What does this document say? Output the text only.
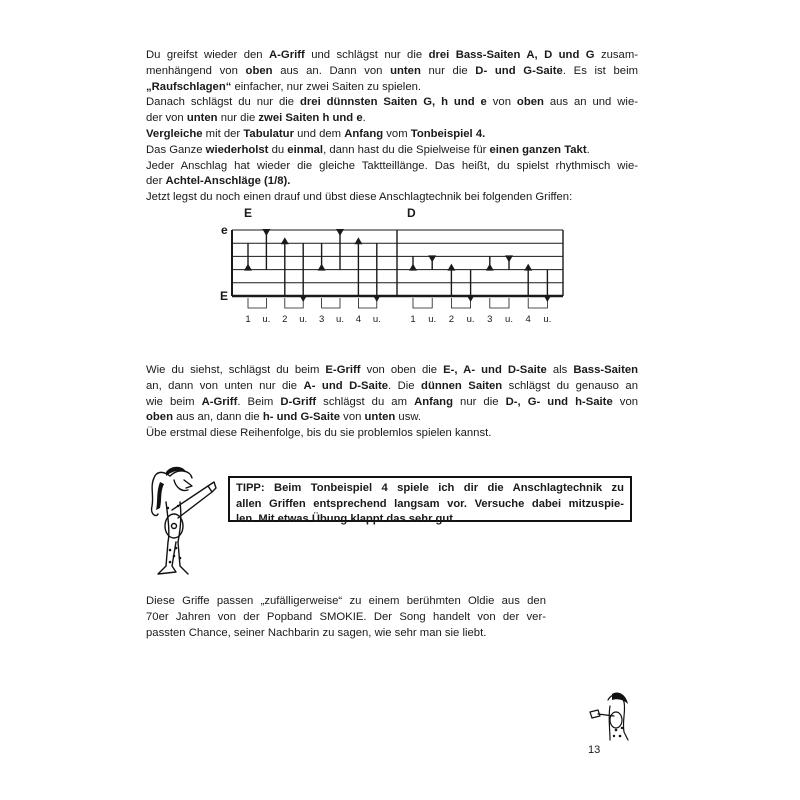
Du greifst wieder den A-Griff und schlägst nur die drei Bass-Saiten A, D und G zusam-

menhängend von oben aus an. Dann von unten nur die D- und G-Saite. Es ist beim

„Raufschlagen“ einfacher, nur zwei Saiten zu spielen.

Danach schlägst du nur die drei dünnsten Saiten G, h und e von oben aus an und wie-

der von unten nur die zwei Saiten h und e.

Vergleiche mit der Tabulatur und dem Anfang vom Tonbeispiel 4.

Das Ganze wiederholst du einmal, dann hast du die Spielweise für einen ganzen Takt.

Jeder Anschlag hat wieder die gleiche Taktteillänge. Das heißt, du spielst rhythmisch wie-

der Achtel-Anschläge (1/8).

Jetzt legst du noch einen drauf und übst diese Anschlagtechnik bei folgenden Griffen:

e
E
E
1 u. 2 u. 3 u. 4 u.
D
1 u. 2 u. 3 u. 4 u.

Wie du siehst, schlägst du beim E-Griff von oben die E-, A- und D-Saite als Bass-Saiten

an, dann von unten nur die A- und D-Saite. Die dünnen Saiten schlägst du genauso an

wie beim A-Griff. Beim D-Griff schlägst du am Anfang nur die D-, G- und h-Saite von

oben aus an, dann die h- und G-Saite von unten usw.

Übe erstmal diese Reihenfolge, bis du sie problemlos spielen kannst.

TIPP: Beim Tonbeispiel 4 spiele ich dir die Anschlagtechnik zu

allen Griffen entsprechend langsam vor. Versuche dabei mitzuspie-

len. Mit etwas Übung klappt das sehr gut.

Diese Griffe passen „zufälligerweise“ zu einem berühmten Oldie aus den

70er Jahren von der Popband SMOKIE. Der Song handelt von der ver-

passten Chance, seiner Nachbarin zu sagen, wie sehr man sie liebt.

13
